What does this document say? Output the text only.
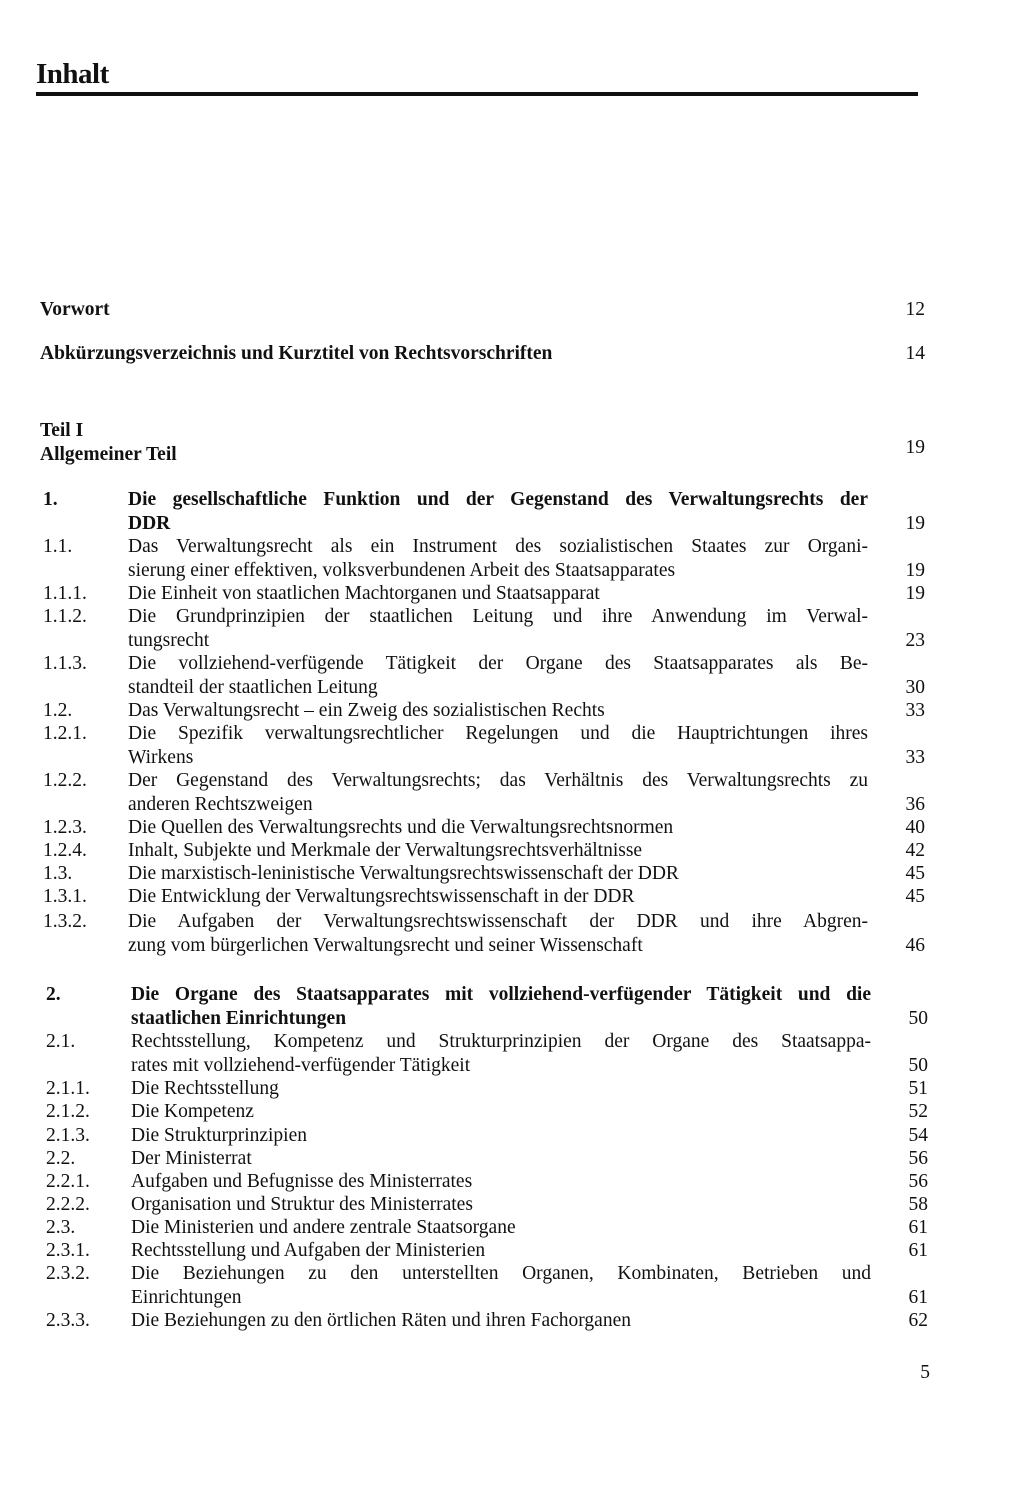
Inhalt
Vorwort	12
Abkürzungsverzeichnis und Kurztitel von Rechtsvorschriften	14
Teil I
Allgemeiner Teil	19
1.	Die gesellschaftliche Funktion und der Gegenstand des Verwaltungsrechts der
DDR	19
1.1.	Das Verwaltungsrecht als ein Instrument des sozialistischen Staates zur Organi-
sierung einer effektiven, volksverbundenen Arbeit des Staatsapparates	19
1.1.1. Die Einheit von staatlichen Machtorganen und Staatsapparat	19
1.1.2. Die Grundprinzipien der staatlichen Leitung und ihre Anwendung im Verwal-
tungsrecht	23
1.1.3. Die vollziehend-verfügende Tätigkeit der Organe des Staatsapparates als Be-
standteil der staatlichen Leitung	30
1.2.	Das Verwaltungsrecht – ein Zweig des sozialistischen Rechts	33
1.2.1. Die Spezifik verwaltungsrechtlicher Regelungen und die Hauptrichtungen ihres
Wirkens	33
1.2.2. Der Gegenstand des Verwaltungsrechts; das Verhältnis des Verwaltungsrechts zu
anderen Rechtszweigen	36
1.2.3. Die Quellen des Verwaltungsrechts und die Verwaltungsrechtsnormen	40
1.2.4. Inhalt, Subjekte und Merkmale der Verwaltungsrechtsverhältnisse	42
1.3.	Die marxistisch-leninistische Verwaltungsrechtswissenschaft der DDR	45
1.3.1. Die Entwicklung der Verwaltungsrechtswissenschaft in der DDR	45
1.3.2. Die Aufgaben der Verwaltungsrechtswissenschaft der DDR und ihre Abgren-
zung vom bürgerlichen Verwaltungsrecht und seiner Wissenschaft	46
2.	Die Organe des Staatsapparates mit vollziehend-verfügender Tätigkeit und die
staatlichen Einrichtungen	50
2.1.	Rechtsstellung, Kompetenz und Strukturprinzipien der Organe des Staatsappa-
rates mit vollziehend-verfügender Tätigkeit	50
2.1.1. Die Rechtsstellung	51
2.1.2. Die Kompetenz	52
2.1.3. Die Strukturprinzipien	54
2.2.	Der Ministerrat	56
2.2.1. Aufgaben und Befugnisse des Ministerrates	56
2.2.2. Organisation und Struktur des Ministerrates	58
2.3.	Die Ministerien und andere zentrale Staatsorgane	61
2.3.1. Rechtsstellung und Aufgaben der Ministerien	61
2.3.2. Die Beziehungen zu den unterstellten Organen, Kombinaten, Betrieben und
Einrichtungen	61
2.3.3. Die Beziehungen zu den örtlichen Räten und ihren Fachorganen	62
5
